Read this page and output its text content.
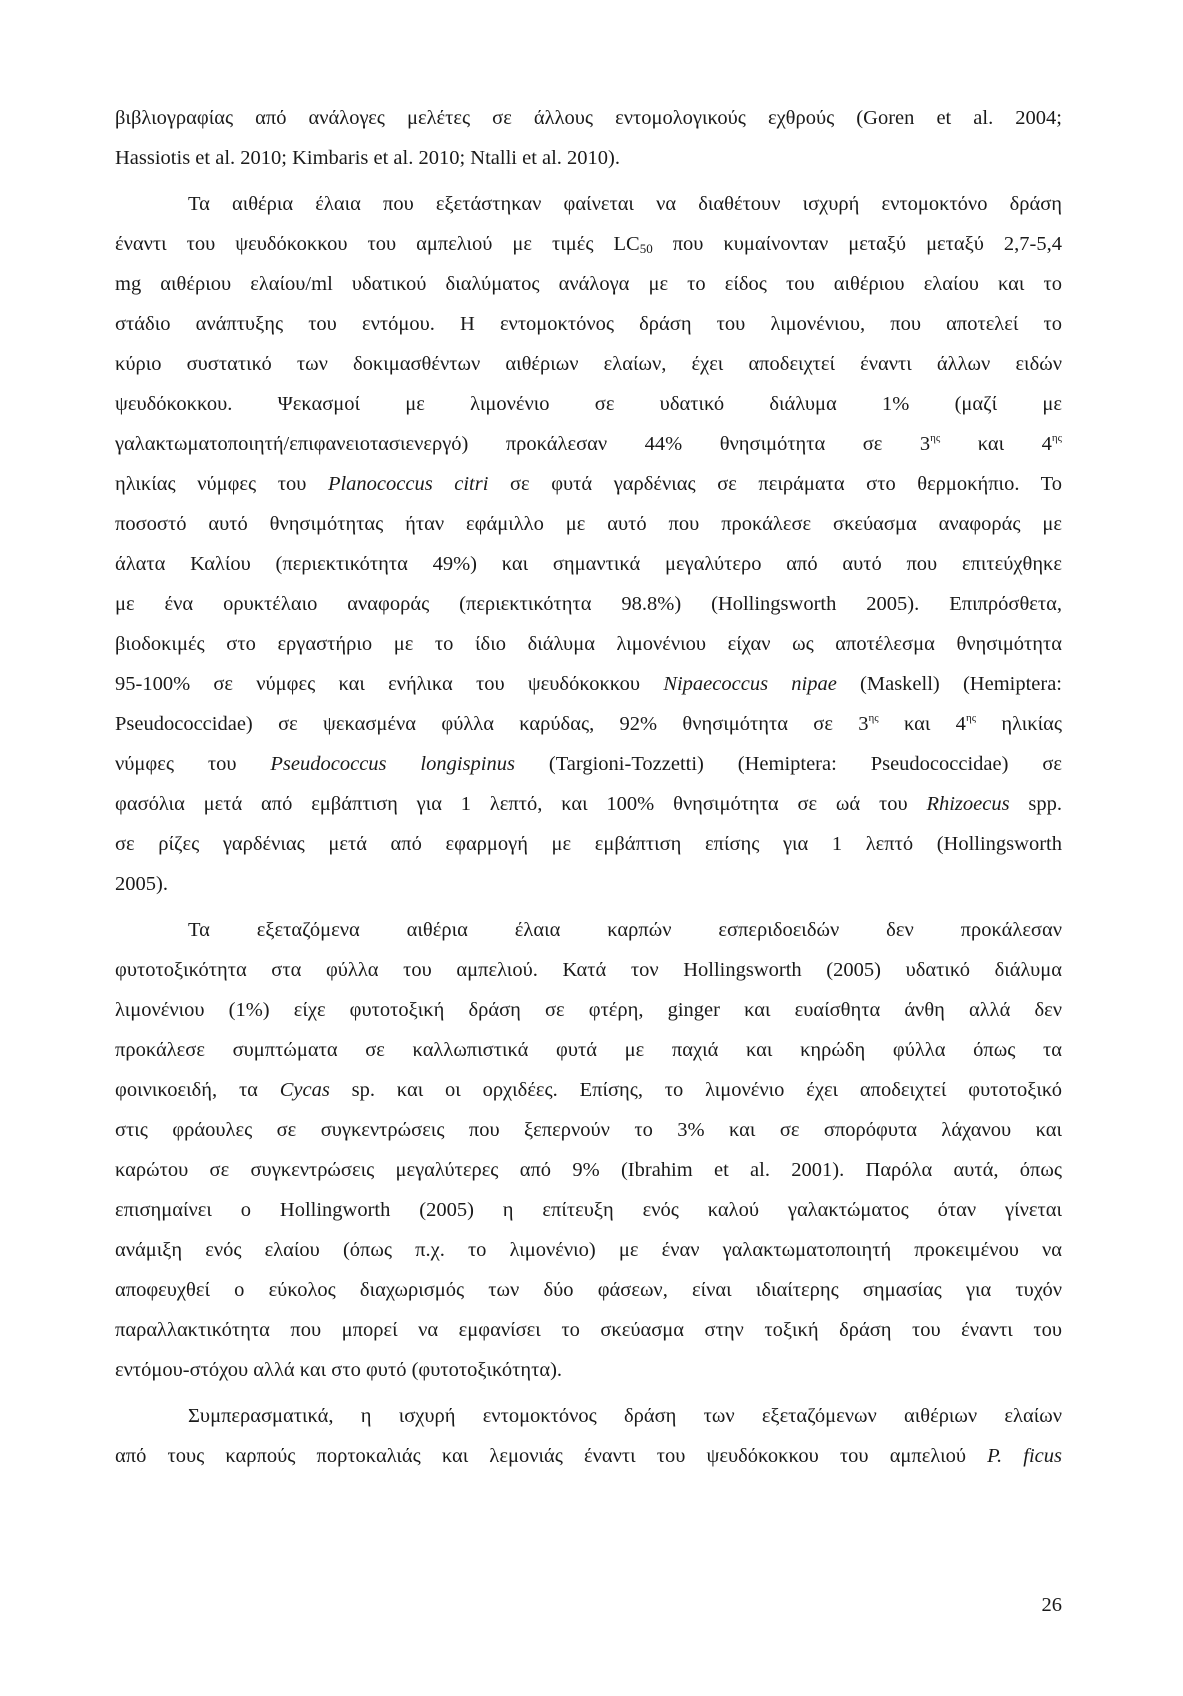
βιβλιογραφίας από ανάλογες μελέτες σε άλλους εντομολογικούς εχθρούς (Goren et al. 2004;
Hassiotis et al. 2010; Kimbaris et al. 2010; Ntalli et al. 2010).
Τα αιθέρια έλαια που εξετάστηκαν φαίνεται να διαθέτουν ισχυρή εντομοκτόνο δράση
έναντι του ψευδόκοκκου του αμπελιού με τιμές $LC_{50}$ που κυμαίνονταν μεταξύ μεταξύ 2,7-5,4
mg αιθέριου ελαίου/ml υδατικού διαλύματος ανάλογα με το είδος του αιθέριου ελαίου και το
στάδιο ανάπτυξης του εντόμου. Η εντομοκτόνος δράση του λιμονένιου, που αποτελεί το
κύριο συστατικό των δοκιμασθέντων αιθέριων ελαίων, έχει αποδειχτεί έναντι άλλων ειδών
ψευδόκοκκου. Ψεκασμοί με λιμονένιο σε υδατικό διάλυμα 1% (μαζί με
γαλακτωματοποιητή/επιφανειοτασιενεργό) προκάλεσαν 44% θνησιμότητα σε $3^{\eta\varsigma}$ και $4^{\eta\varsigma}$
ηλικίας νύμφες του Planococcus citri σε φυτά γαρδένιας σε πειράματα στο θερμοκήπιο. Το
ποσοστό αυτό θνησιμότητας ήταν εφάμιλλο με αυτό που προκάλεσε σκεύασμα αναφοράς με
άλατα Καλίου (περιεκτικότητα 49%) και σημαντικά μεγαλύτερο από αυτό που επιτεύχθηκε
με ένα ορυκτέλαιο αναφοράς (περιεκτικότητα 98.8%) (Hollingsworth 2005). Επιπρόσθετα,
βιοδοκιμές στο εργαστήριο με το ίδιο διάλυμα λιμονένιου είχαν ως αποτέλεσμα θνησιμότητα
95-100% σε νύμφες και ενήλικα του ψευδόκοκκου Nipaecoccus nipae (Maskell) (Hemiptera:
Pseudococcidae) σε ψεκασμένα φύλλα καρύδας, 92% θνησιμότητα σε $3^{\eta\varsigma}$ και $4^{\eta\varsigma}$ ηλικίας
νύμφες του Pseudococcus longispinus (Targioni-Tozzetti) (Hemiptera: Pseudococcidae) σε
φασόλια μετά από εμβάπτιση για 1 λεπτό, και 100% θνησιμότητα σε ωά του Rhizoecus spp.
σε ρίζες γαρδένιας μετά από εφαρμογή με εμβάπτιση επίσης για 1 λεπτό (Hollingsworth
2005).
Τα εξεταζόμενα αιθέρια έλαια καρπών εσπεριδοειδών δεν προκάλεσαν
φυτοτοξικότητα στα φύλλα του αμπελιού. Κατά τον Hollingsworth (2005) υδατικό διάλυμα
λιμονένιου (1%) είχε φυτοτοξική δράση σε φτέρη, ginger και ευαίσθητα άνθη αλλά δεν
προκάλεσε συμπτώματα σε καλλωπιστικά φυτά με παχιά και κηρώδη φύλλα όπως τα
φοινικοειδή, τα Cycas sp. και οι ορχιδέες. Επίσης, το λιμονένιο έχει αποδειχτεί φυτοτοξικό
στις φράουλες σε συγκεντρώσεις που ξεπερνούν το 3% και σε σπορόφυτα λάχανου και
καρώτου σε συγκεντρώσεις μεγαλύτερες από 9% (Ibrahim et al. 2001). Παρόλα αυτά, όπως
επισημαίνει ο Hollingworth (2005) η επίτευξη ενός καλού γαλακτώματος όταν γίνεται
ανάμιξη ενός ελαίου (όπως π.χ. το λιμονένιο) με έναν γαλακτωματοποιητή προκειμένου να
αποφευχθεί ο εύκολος διαχωρισμός των δύο φάσεων, είναι ιδιαίτερης σημασίας για τυχόν
παραλλακτικότητα που μπορεί να εμφανίσει το σκεύασμα στην τοξική δράση του έναντι του
εντόμου-στόχου αλλά και στο φυτό (φυτοτοξικότητα).
Συμπερασματικά, η ισχυρή εντομοκτόνος δράση των εξεταζόμενων αιθέριων ελαίων
από τους καρπούς πορτοκαλιάς και λεμονιάς έναντι του ψευδόκοκκου του αμπελιού P. ficus
26
